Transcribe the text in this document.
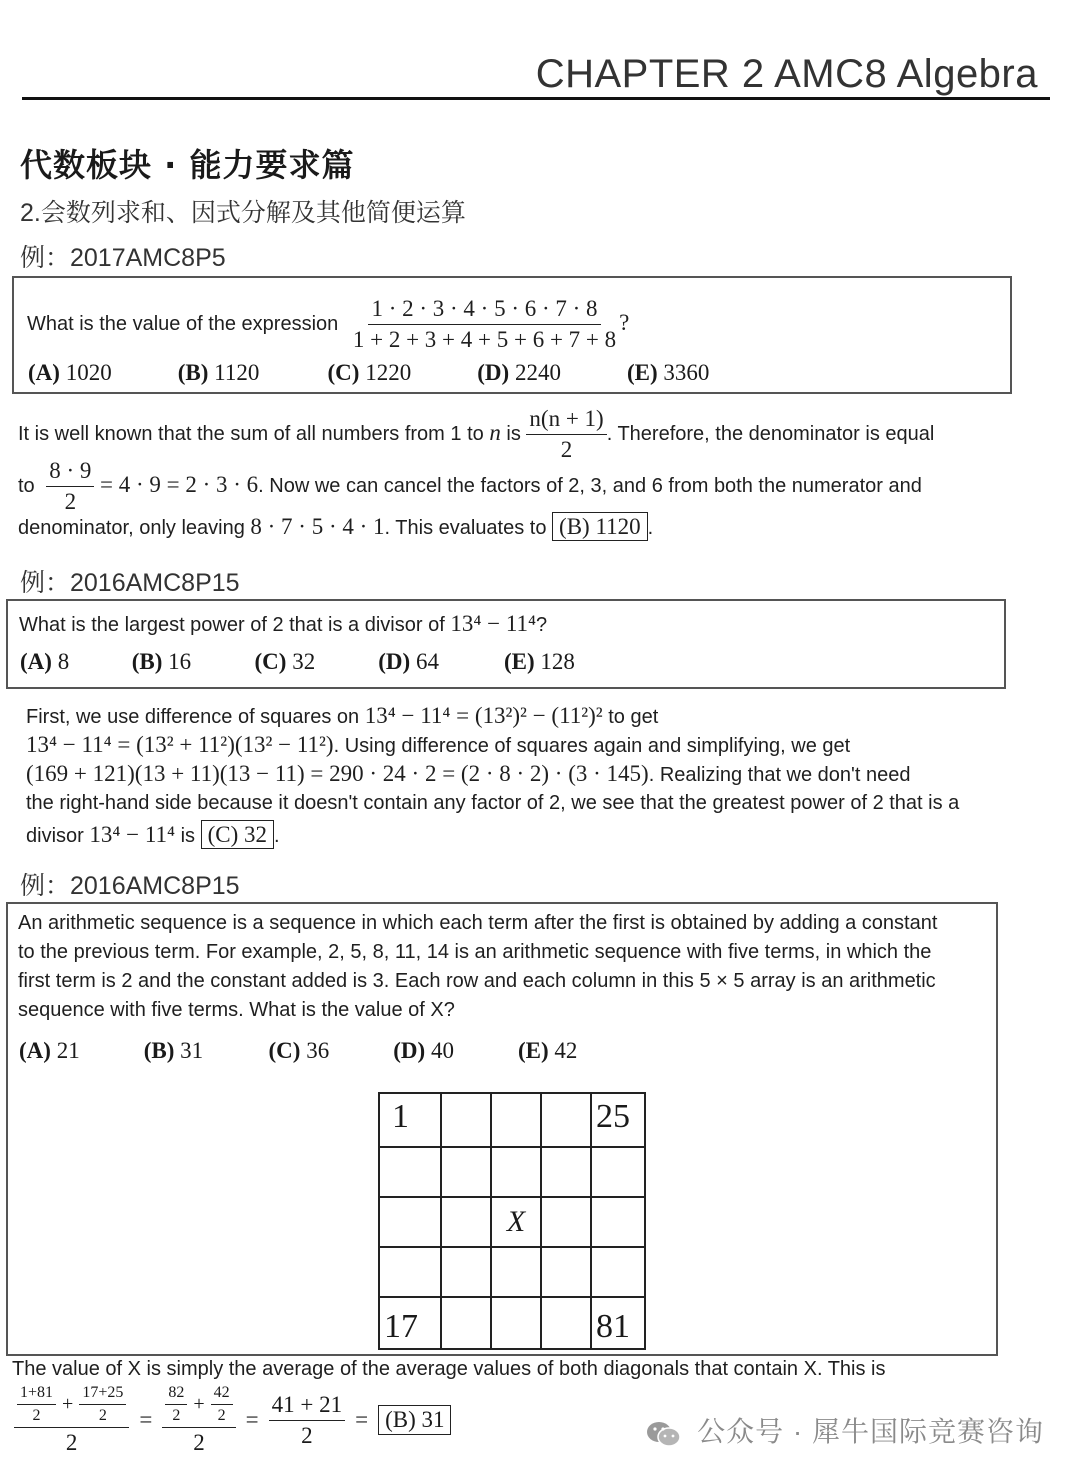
CHAPTER 2 AMC8 Algebra
代数板块 · 能力要求篇
2.会数列求和、因式分解及其他简便运算
例：2017AMC8P5
What is the value of the expression $\frac{1 \cdot 2 \cdot 3 \cdot 4 \cdot 5 \cdot 6 \cdot 7 \cdot 8}{1 + 2 + 3 + 4 + 5 + 6 + 7 + 8}$ ?
(A) 1020	(B) 1120	(C) 1220	(D) 2240	(E) 3360
It is well known that the sum of all numbers from 1 to n is $\frac{n(n + 1)}{2}$ . Therefore, the denominator is equal
to $\frac{8 \cdot 9}{2} = 4 \cdot 9 = 2 \cdot 3 \cdot 6$. Now we can cancel the factors of 2, 3, and 6 from both the numerator and
denominator, only leaving 8 · 7 · 5 · 4 · 1. This evaluates to (B) 1120 .
例：2016AMC8P15
What is the largest power of 2 that is a divisor of 13⁴ − 11⁴?
(A) 8	(B) 16	(C) 32	(D) 64	(E) 128
First, we use difference of squares on 13⁴ − 11⁴ = (13²)² − (11²)² to get
13⁴ − 11⁴ = (13² + 11²)(13² − 11²). Using difference of squares again and simplifying, we get
(169 + 121)(13 + 11)(13 − 11) = 290 · 24 · 2 = (2 · 8 · 2) · (3 · 145). Realizing that we don't need
the right-hand side because it doesn't contain any factor of 2, we see that the greatest power of 2 that is a
divisor 13⁴ − 11⁴ is (C) 32 .
例：2016AMC8P15
An arithmetic sequence is a sequence in which each term after the first is obtained by adding a constant
to the previous term. For example, 2, 5, 8, 11, 14 is an arithmetic sequence with five terms, in which the
first term is 2 and the constant added is 3. Each row and each column in this 5 × 5 array is an arithmetic
sequence with five terms. What is the value of X?
(A) 21	(B) 31	(C) 36	(D) 40	(E) 42
1				25

		X		

17				81
The value of X is simply the average of the average values of both diagonals that contain X. This is
$\frac{\frac{1+81}{2} + \frac{17+25}{2}}{2} = \frac{\frac{82}{2} + \frac{42}{2}}{2} = \frac{41 + 21}{2} = (B)$ 31	公众号 · 犀牛国际竞赛咨询
